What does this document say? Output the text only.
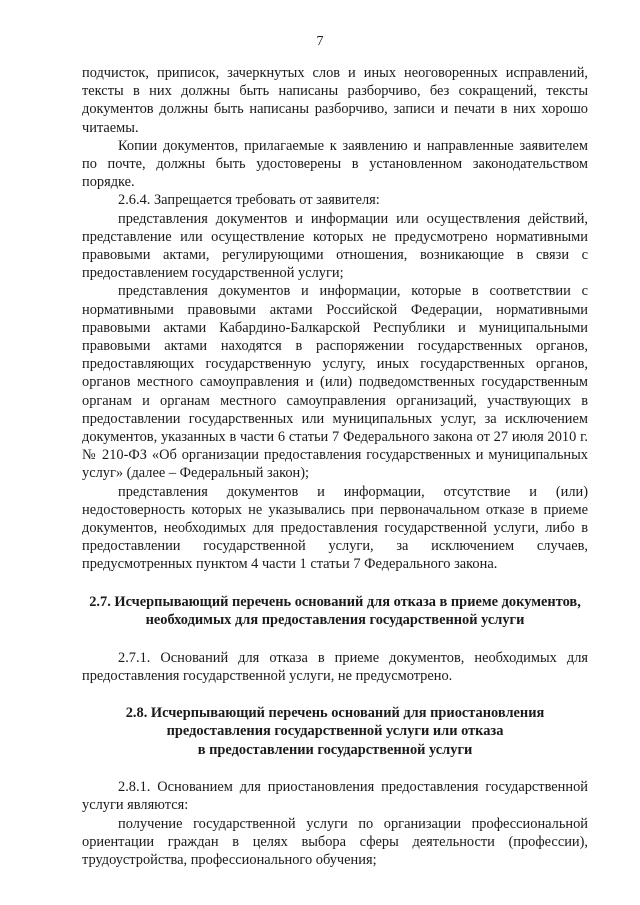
7

подчисток, приписок, зачеркнутых слов и иных неоговоренных исправлений, тексты в них должны быть написаны разборчиво, без сокращений, тексты документов должны быть написаны разборчиво, записи и печати в них хорошо читаемы.

Копии документов, прилагаемые к заявлению и направленные заявителем по почте, должны быть удостоверены в установленном законодательством порядке.

2.6.4. Запрещается требовать от заявителя:

представления документов и информации или осуществления действий, представление или осуществление которых не предусмотрено нормативными правовыми актами, регулирующими отношения, возникающие в связи с предоставлением государственной услуги;

представления документов и информации, которые в соответствии с нормативными правовыми актами Российской Федерации, нормативными правовыми актами Кабардино-Балкарской Республики и муниципальными правовыми актами находятся в распоряжении государственных органов, предоставляющих государственную услугу, иных государственных органов, органов местного самоуправления и (или) подведомственных государственным органам и органам местного самоуправления организаций, участвующих в предоставлении государственных или муниципальных услуг, за исключением документов, указанных в части 6 статьи 7 Федерального закона от 27 июля 2010 г. № 210-ФЗ «Об организации предоставления государственных и муниципальных услуг» (далее – Федеральный закон);

представления документов и информации, отсутствие и (или) недостоверность которых не указывались при первоначальном отказе в приеме документов, необходимых для предоставления государственной услуги, либо в предоставлении государственной услуги, за исключением случаев, предусмотренных пунктом 4 части 1 статьи 7 Федерального закона.

2.7. Исчерпывающий перечень оснований для отказа в приеме документов, необходимых для предоставления государственной услуги

2.7.1. Оснований для отказа в приеме документов, необходимых для предоставления государственной услуги, не предусмотрено.

2.8. Исчерпывающий перечень оснований для приостановления
предоставления государственной услуги или отказа
в предоставлении государственной услуги

2.8.1. Основанием для приостановления предоставления государственной услуги являются:

получение государственной услуги по организации профессиональной ориентации граждан в целях выбора сферы деятельности (профессии), трудоустройства, профессионального обучения;
